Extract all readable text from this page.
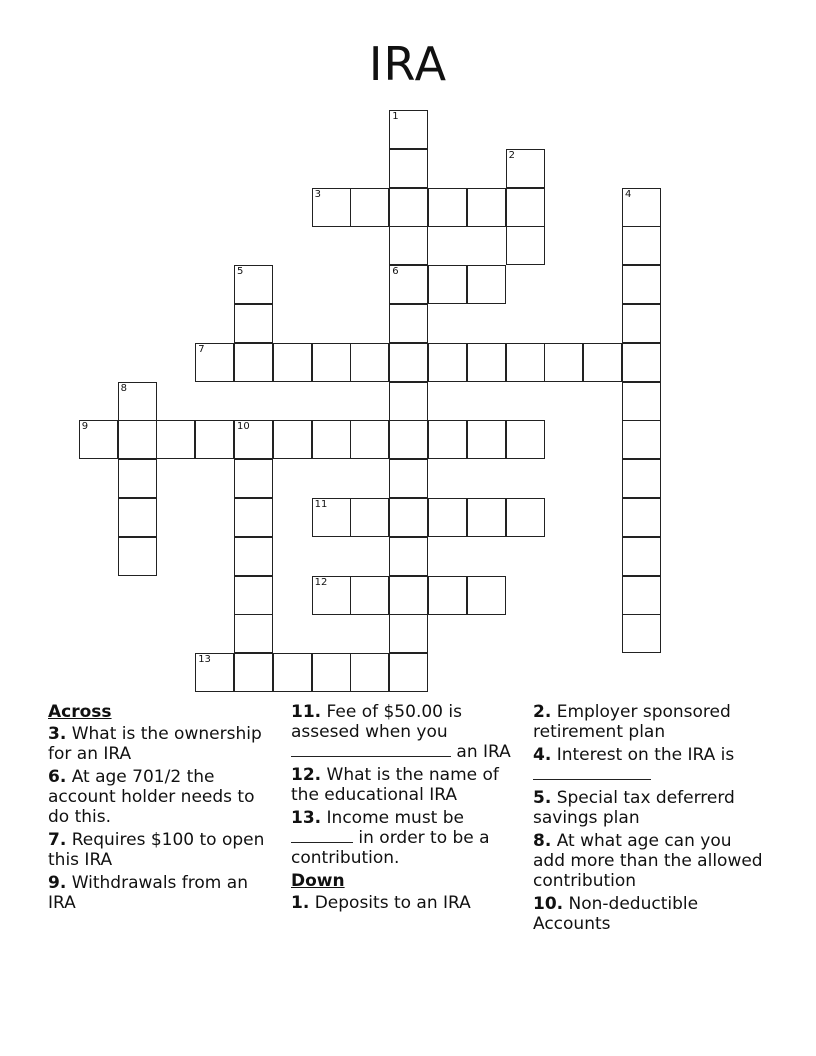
IRA
1
6
2
3	4
5
7
8
9	10
11
12
13
Across
3. What is the ownership for an IRA
6. At age 701/2 the account holder needs to do this.
7. Requires $100 to open this IRA
9. Withdrawals from an IRA
11. Fee of $50.00 is assesed when you  an IRA
12. What is the name of the educational IRA
13. Income must be  in order to be a contribution.
Down
1. Deposits to an IRA
2. Employer sponsored retirement plan
4. Interest on the IRA is
5. Special tax deferrerd savings plan
8. At what age can you add more than the allowed contribution
10. Non-deductible Accounts
